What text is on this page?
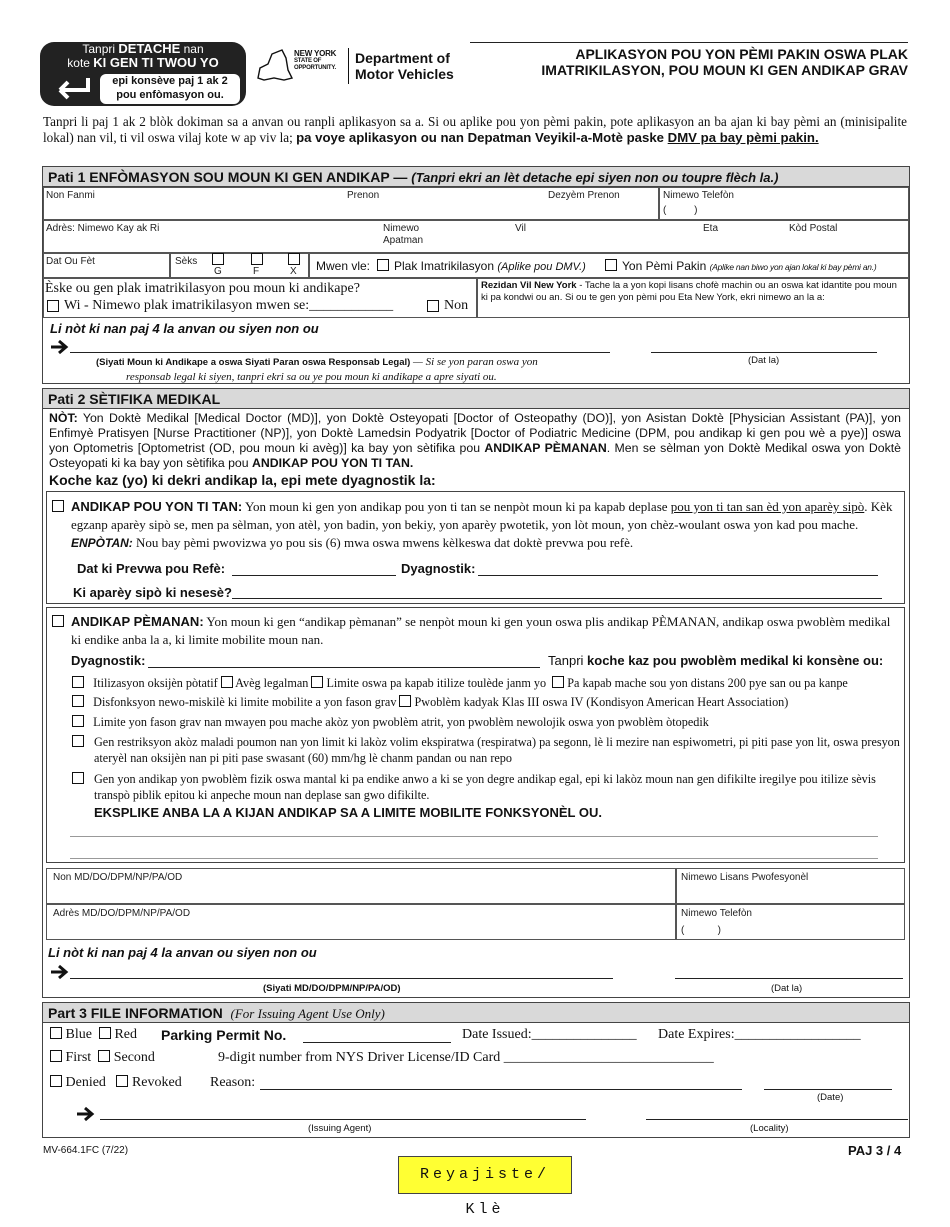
Tanpri DETACHE nan
kote KI GEN TI TWOU YO
epi konsève paj 1 ak 2
pou enfòmasyon ou.
NEW YORK
STATE OF
OPPORTUNITY.
Department of
Motor Vehicles
APLIKASYON POU YON PÈMI PAKIN OSWA PLAK
IMATRIKILASYON, POU MOUN KI GEN ANDIKAP GRAV
Tanpri li paj 1 ak 2 blòk dokiman sa a anvan ou ranpli aplikasyon sa a. Si ou aplike pou yon pèmi pakin, pote aplikasyon an ba ajan ki bay pèmi an (minisipalite lokal) nan vil, ti vil oswa vilaj kote w ap viv la; pa voye aplikasyon ou nan Depatman Veyikil-a-Motè paske DMV pa bay pèmi pakin.
Pati 1 ENFÒMASYON SOU MOUN KI GEN ANDIKAP — (Tanpri ekri an lèt detache epi siyen non ou toupre flèch la.)
Non Fanmi	Prenon	Dezyèm Prenon	Nimewo Telefòn
(          )
Adrès: Nimewo Kay ak Ri	Nimewo
Apatman
Vil	Eta	Kòd Postal
Dat Ou Fèt	Sèks
G	F	X Mwen vle: Plak Imatrikilasyon (Aplike pou DMV.)	Yon Pèmi Pakin (Aplike nan biwo yon ajan lokal ki bay pèmi an.)
Èske ou gen plak imatrikilasyon pou moun ki andikape?
Wi - Nimewo plak imatrikilasyon mwen se:____________	Non
Rezidan Vil New York - Tache la a yon kopi lisans chofè machin ou an oswa kat idantite pou moun ki pa kondwi ou an. Si ou te gen yon pèmi pou Eta New York, ekri nimewo an la a:
Li nòt ki nan paj 4 la anvan ou siyen non ou
(Siyati Moun ki Andikape a oswa Siyati Paran oswa Responsab Legal) — Si se yon paran oswa yon
responsab legal ki siyen, tanpri ekri sa ou ye pou moun ki andikape a apre siyati ou.
(Dat la)
Pati 2 SÈTIFIKA MEDIKAL
NÒT: Yon Doktè Medikal [Medical Doctor (MD)], yon Doktè Osteyopati [Doctor of Osteopathy (DO)], yon Asistan Doktè [Physician Assistant (PA)], yon Enfimyè Pratisyen [Nurse Practitioner (NP)], yon Doktè Lamedsin Podyatrik [Doctor of Podiatric Medicine (DPM, pou andikap ki gen pou wè a pye)] oswa yon Optometris [Optometrist (OD, pou moun ki avèg)] ka bay yon sètifika pou ANDIKAP PÈMANAN. Men se sèlman yon Doktè Medikal oswa yon Doktè Osteyopati ki ka bay yon sètifika pou ANDIKAP POU YON TI TAN.
Koche kaz (yo) ki dekri andikap la, epi mete dyagnostik la:
ANDIKAP POU YON TI TAN: Yon moun ki gen yon andikap pou yon ti tan se nenpòt moun ki pa kapab deplase pou yon ti tan san èd yon aparèy sipò. Kèk egzanp aparèy sipò se, men pa sèlman, yon atèl, yon badin, yon bekiy, yon aparèy pwotetik, yon lòt moun, yon chèz-woulant oswa yon kad pou mache. ENPÒTAN: Nou bay pèmi pwovizwa yo pou sis (6) mwa oswa mwens kèlkeswa dat doktè prevwa pou refè.
Dat ki Prevwa pou Refè:	Dyagnostik:
Ki aparèy sipò ki nesesè?
ANDIKAP PÈMANAN: Yon moun ki gen “andikap pèmanan” se nenpòt moun ki gen youn oswa plis andikap PÈMANAN, andikap oswa pwoblèm medikal ki endike anba la a, ki limite mobilite moun nan.
Dyagnostik:	Tanpri koche kaz pou pwoblèm medikal ki konsène ou:
Itilizasyon oksijèn pòtatif Avèg legalman Limite oswa pa kapab itilize toulède janm yo Pa kapab mache sou yon distans 200 pye san ou pa kanpe
Disfonksyon newo-miskilè ki limite mobilite a yon fason grav Pwoblèm kadyak Klas III oswa IV (Kondisyon American Heart Association)
Limite yon fason grav nan mwayen pou mache akòz yon pwoblèm atrit, yon pwoblèm newolojik oswa yon pwoblèm òtopedik
Gen restriksyon akòz maladi poumon nan yon limit ki lakòz volim ekspiratwa (respiratwa) pa segonn, lè li mezire nan espiwometri, pi piti pase yon lit, oswa presyon ateryèl nan oksijèn nan pi piti pase swasant (60) mm/hg lè chanm pandan ou nan repo
Gen yon andikap yon pwoblèm fizik oswa mantal ki pa endike anwo a ki se yon degre andikap egal, epi ki lakòz moun nan gen difikilte iregilye pou itilize sèvis transpò piblik epitou ki anpeche moun nan deplase san gwo difikilte.
EKSPLIKE ANBA LA A KIJAN ANDIKAP SA A LIMITE MOBILITE FONKSYONÈL OU.
Non MD/DO/DPM/NP/PA/OD	Nimewo Lisans Pwofesyonèl
Adrès MD/DO/DPM/NP/PA/OD	Nimewo Telefòn
(            )
Li nòt ki nan paj 4 la anvan ou siyen non ou
(Siyati MD/DO/DPM/NP/PA/OD)	(Dat la)
Part 3 FILE INFORMATION (For Issuing Agent Use Only)
Blue Red Parking Permit No.	Date Issued:_______________ Date Expires:__________________
First Second	9-digit number from NYS Driver License/ID Card ______________________________
Denied Revoked Reason:
(Date)
(Issuing Agent)	(Locality)
MV-664.1FC (7/22)	PAJ 3 / 4
Reyajiste/ Klè
